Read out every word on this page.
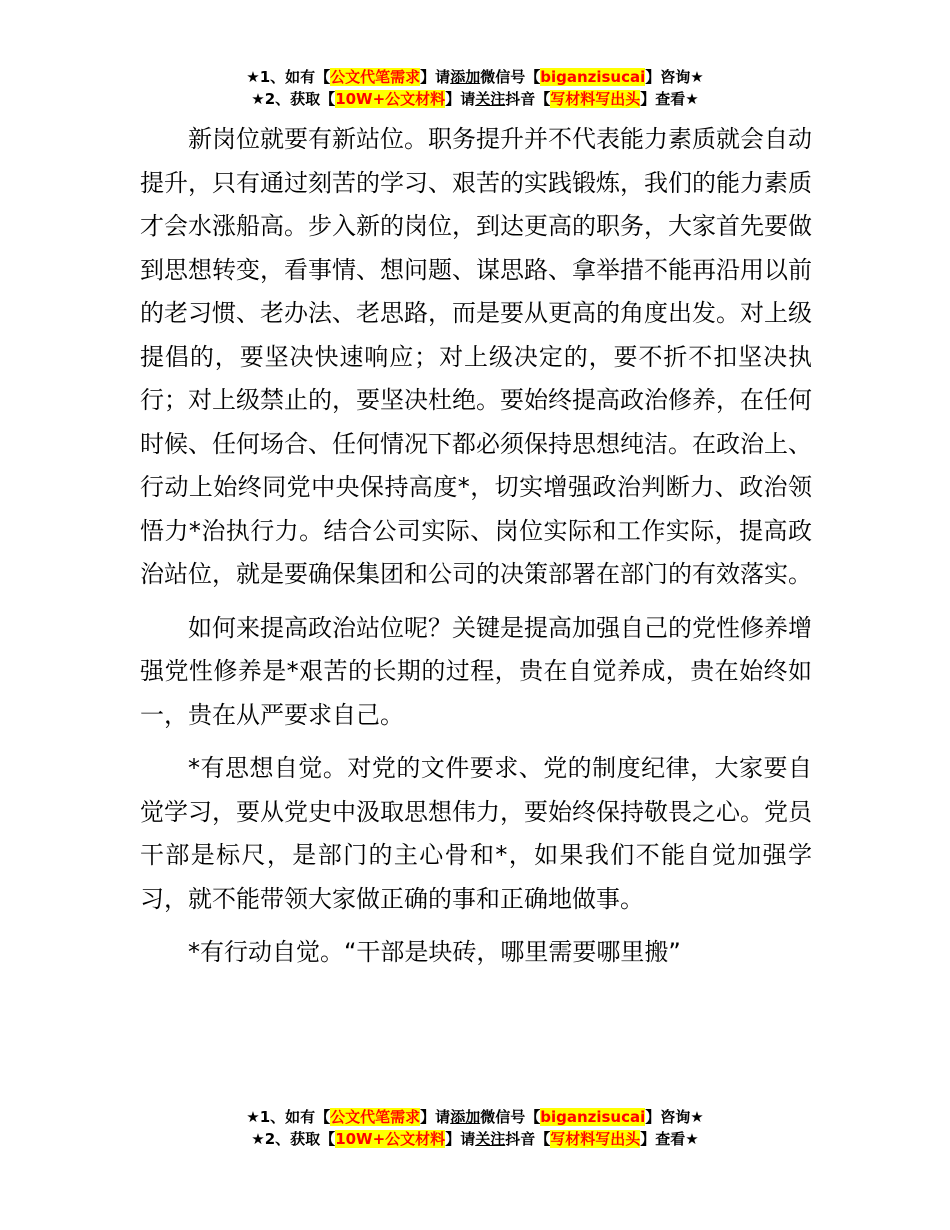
★1、如有【公文代笔需求】请添加微信号【biganzisucai】咨询★
★2、获取【10W+公文材料】请关注抖音【写材料写出头】查看★

新岗位就要有新站位。职务提升并不代表能力素质就会自动提升，只有通过刻苦的学习、艰苦的实践锻炼，我们的能力素质才会水涨船高。步入新的岗位，到达更高的职务，大家首先要做到思想转变，看事情、想问题、谋思路、拿举措不能再沿用以前的老习惯、老办法、老思路，而是要从更高的角度出发。对上级提倡的，要坚决快速响应；对上级决定的，要不折不扣坚决执行；对上级禁止的，要坚决杜绝。要始终提高政治修养，在任何时候、任何场合、任何情况下都必须保持思想纯洁。在政治上、行动上始终同党中央保持高度*，切实增强政治判断力、政治领悟力*治执行力。结合公司实际、岗位实际和工作实际，提高政治站位，就是要确保集团和公司的决策部署在部门的有效落实。

如何来提高政治站位呢？关键是提高加强自己的党性修养增强党性修养是*艰苦的长期的过程，贵在自觉养成，贵在始终如一，贵在从严要求自己。

*有思想自觉。对党的文件要求、党的制度纪律，大家要自觉学习，要从党史中汲取思想伟力，要始终保持敬畏之心。党员干部是标尺，是部门的主心骨和*，如果我们不能自觉加强学习，就不能带领大家做正确的事和正确地做事。

*有行动自觉。“干部是块砖，哪里需要哪里搬”

★1、如有【公文代笔需求】请添加微信号【biganzisucai】咨询★
★2、获取【10W+公文材料】请关注抖音【写材料写出头】查看★
